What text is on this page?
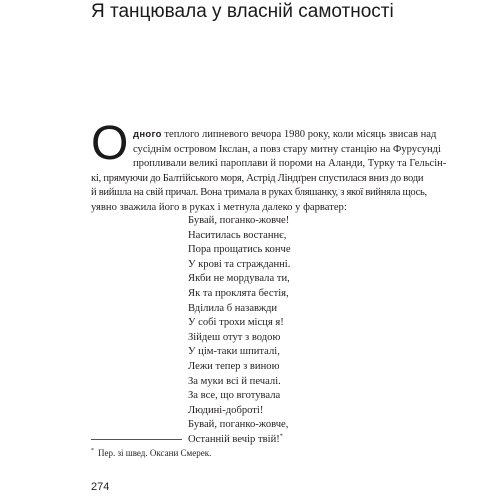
Я танцювала у власній самотності
О дного теплого липневого вечора 1980 року, коли місяць звисав над
сусіднім островом Ікслан, а повз стару митну станцію на Фурусунді
пропливали великі пароплави й пороми на Аланди, Турку та Гельсін-
кі, прямуючи до Балтійського моря, Астрід Ліндґрен спустилася вниз до води
й вийшла на свій причал. Вона тримала в руках бляшанку, з якої вийняла щось,
уявно зважила його в руках і метнула далеко у фарватер:
Бувай, поганко-жовче!
Наситилась востаннє,
Пора прощатись конче
У крові та стражданні.
Якби не мордувала ти,
Як та проклята бестія,
Вділила б назавжди
У собі трохи місця я!
Зійдеш отут з водою
У цім-таки шпиталі,
Лежи тепер з виною
За муки всі й печалі.
За все, що вготувала
Людині-доброті!
Бувай, поганко-жовче,
Останній вечір твій!*
* Пер. зі швед. Оксани Смерек.
274
